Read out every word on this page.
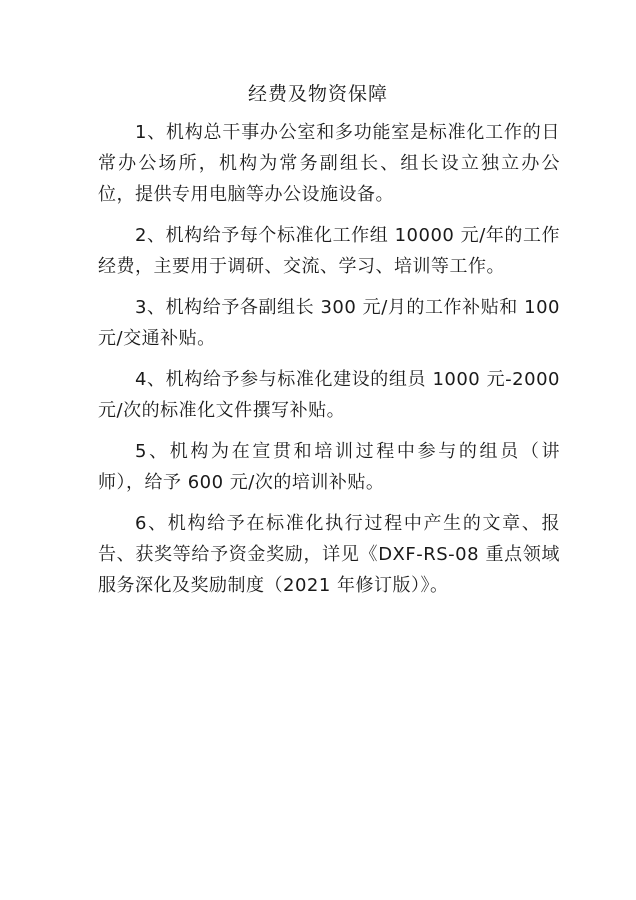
经费及物资保障

1、机构总干事办公室和多功能室是标准化工作的日常办公场所，机构为常务副组长、组长设立独立办公位，提供专用电脑等办公设施设备。

2、机构给予每个标准化工作组 10000 元/年的工作经费，主要用于调研、交流、学习、培训等工作。

3、机构给予各副组长 300 元/月的工作补贴和 100 元/交通补贴。

4、机构给予参与标准化建设的组员 1000 元-2000 元/次的标准化文件撰写补贴。

5、机构为在宣贯和培训过程中参与的组员（讲师），给予 600 元/次的培训补贴。

6、机构给予在标准化执行过程中产生的文章、报告、获奖等给予资金奖励，详见《DXF-RS-08 重点领域服务深化及奖励制度（2021 年修订版）》。
